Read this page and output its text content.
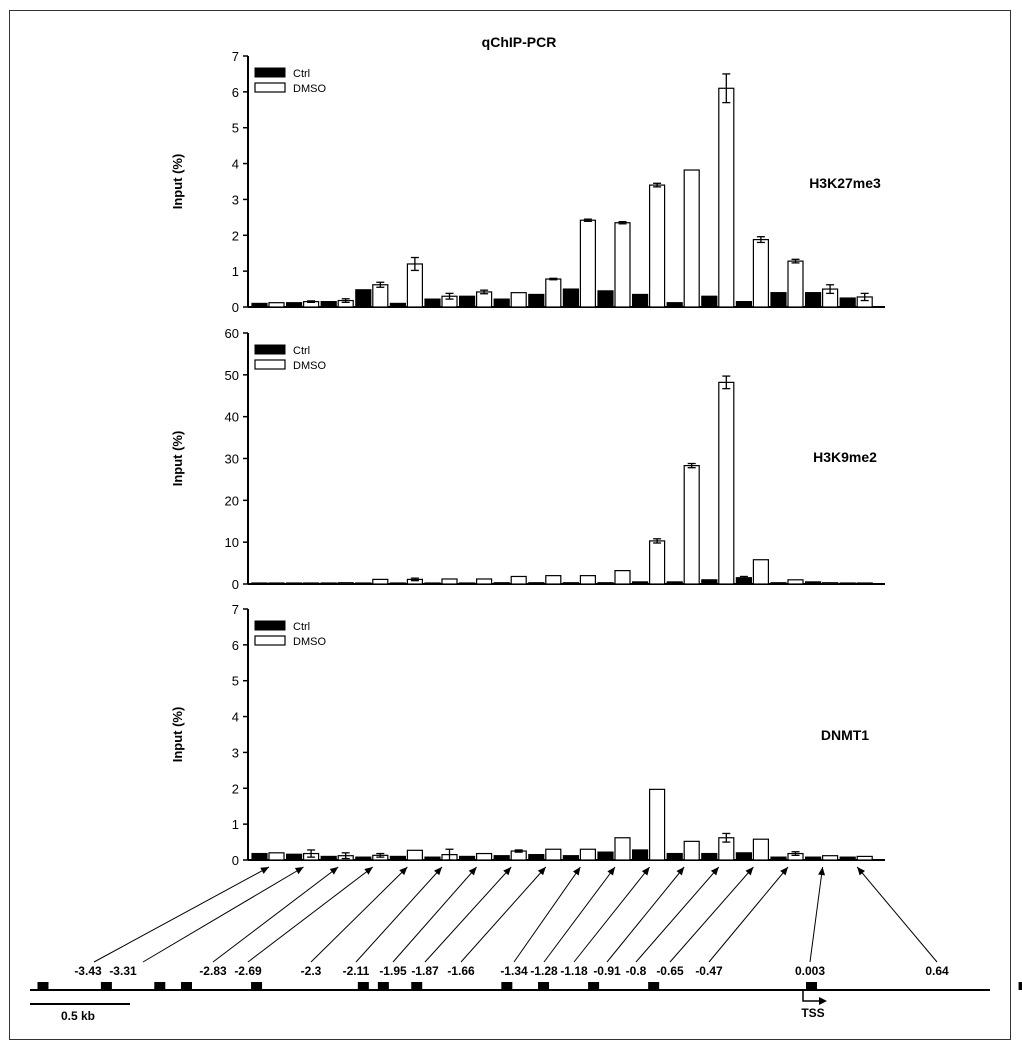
qChIP-PCR
0
1
2
3
4
5
6
7
Input (%)	H3K27me3
Ctrl
DMSO
0
10
20
30
40
50
60
Input (%)	H3K9me2
Ctrl
DMSO
0
1
2
3
4
5
6
7
Input (%)	DNMT1
Ctrl
DMSO
-3.43 -3.31	-2.83 -2.69	-2.3 -2.11 -1.95 -1.87 -1.66 -1.34 -1.28 -1.18 -0.91 -0.8 -0.65 -0.47	0.003	0.64
0.5 kb	TSS
